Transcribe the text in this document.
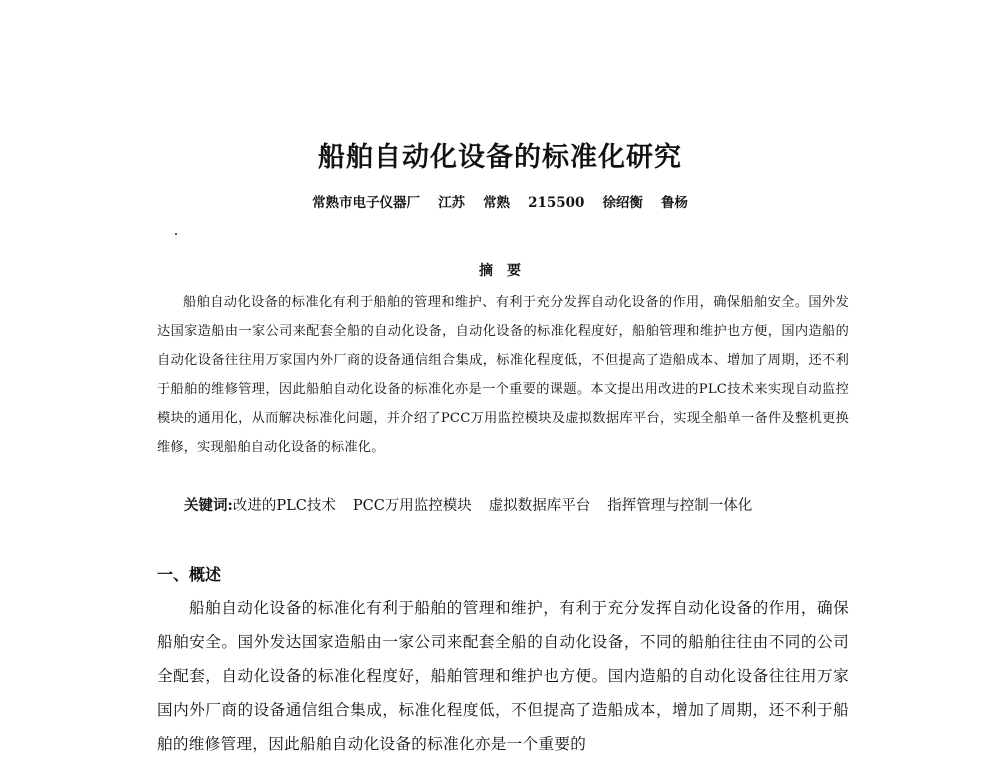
船舶自动化设备的标准化研究
常熟市电子仪器厂 江苏 常熟 215500 徐绍衡 鲁杨
摘要

船舶自动化设备的标准化有利于船舶的管理和维护、有利于充分发挥自动化设备的作用，确保船舶安全。国外发达国家造船由一家公司来配套全船的自动化设备，自动化设备的标准化程度好，船舶管理和维护也方便，国内造船的自动化设备往往用万家国内外厂商的设备通信组合集成，标准化程度低，不但提高了造船成本、增加了周期，还不利于船舶的维修管理，因此船舶自动化设备的标准化亦是一个重要的课题。本文提出用改进的PLC技术来实现自动监控模块的通用化，从而解决标准化问题，并介绍了PCC万用监控模块及虚拟数据库平台，实现全船单一备件及整机更换维修，实现船舶自动化设备的标准化。

关键词:改进的PLC技术 PCC万用监控模块 虚拟数据库平台 指挥管理与控制一体化
一、概述

船舶自动化设备的标准化有利于船舶的管理和维护，有利于充分发挥自动化设备的作用，确保船舶安全。国外发达国家造船由一家公司来配套全船的自动化设备，不同的船舶往往由不同的公司全配套，自动化设备的标准化程度好，船舶管理和维护也方便。国内造船的自动化设备往往用万家国内外厂商的设备通信组合集成，标准化程度低，不但提高了造船成本，增加了周期，还不利于船舶的维修管理，因此船舶自动化设备的标准化亦是一个重要的
